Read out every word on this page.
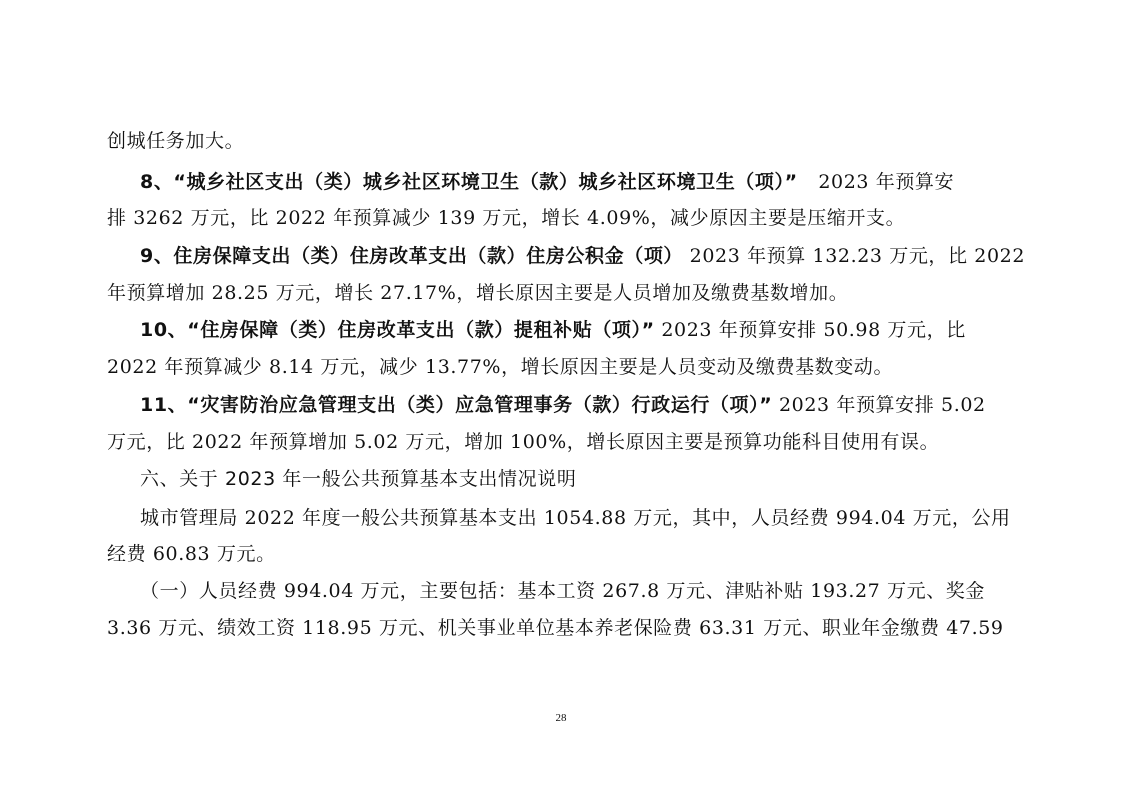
创城任务加大。
8、“城乡社区支出（类）城乡社区环境卫生（款）城乡社区环境卫生（项）” 2023 年预算安
排 3262 万元，比 2022 年预算减少 139 万元，增长 4.09%，减少原因主要是压缩开支。
9、住房保障支出（类）住房改革支出（款）住房公积金（项） 2023 年预算 132.23 万元，比 2022
年预算增加 28.25 万元，增长 27.17%，增长原因主要是人员增加及缴费基数增加。
10、“住房保障（类）住房改革支出（款）提租补贴（项）” 2023 年预算安排 50.98 万元，比
2022 年预算减少 8.14 万元，减少 13.77%，增长原因主要是人员变动及缴费基数变动。
11、“灾害防治应急管理支出（类）应急管理事务（款）行政运行（项）” 2023 年预算安排 5.02
万元，比 2022 年预算增加 5.02 万元，增加 100%，增长原因主要是预算功能科目使用有误。
六、关于 2023 年一般公共预算基本支出情况说明
城市管理局 2022 年度一般公共预算基本支出 1054.88 万元，其中，人员经费 994.04 万元，公用
经费 60.83 万元。
（一）人员经费 994.04 万元，主要包括：基本工资 267.8 万元、津贴补贴 193.27 万元、奖金
3.36 万元、绩效工资 118.95 万元、机关事业单位基本养老保险费 63.31 万元、职业年金缴费 47.59
28
